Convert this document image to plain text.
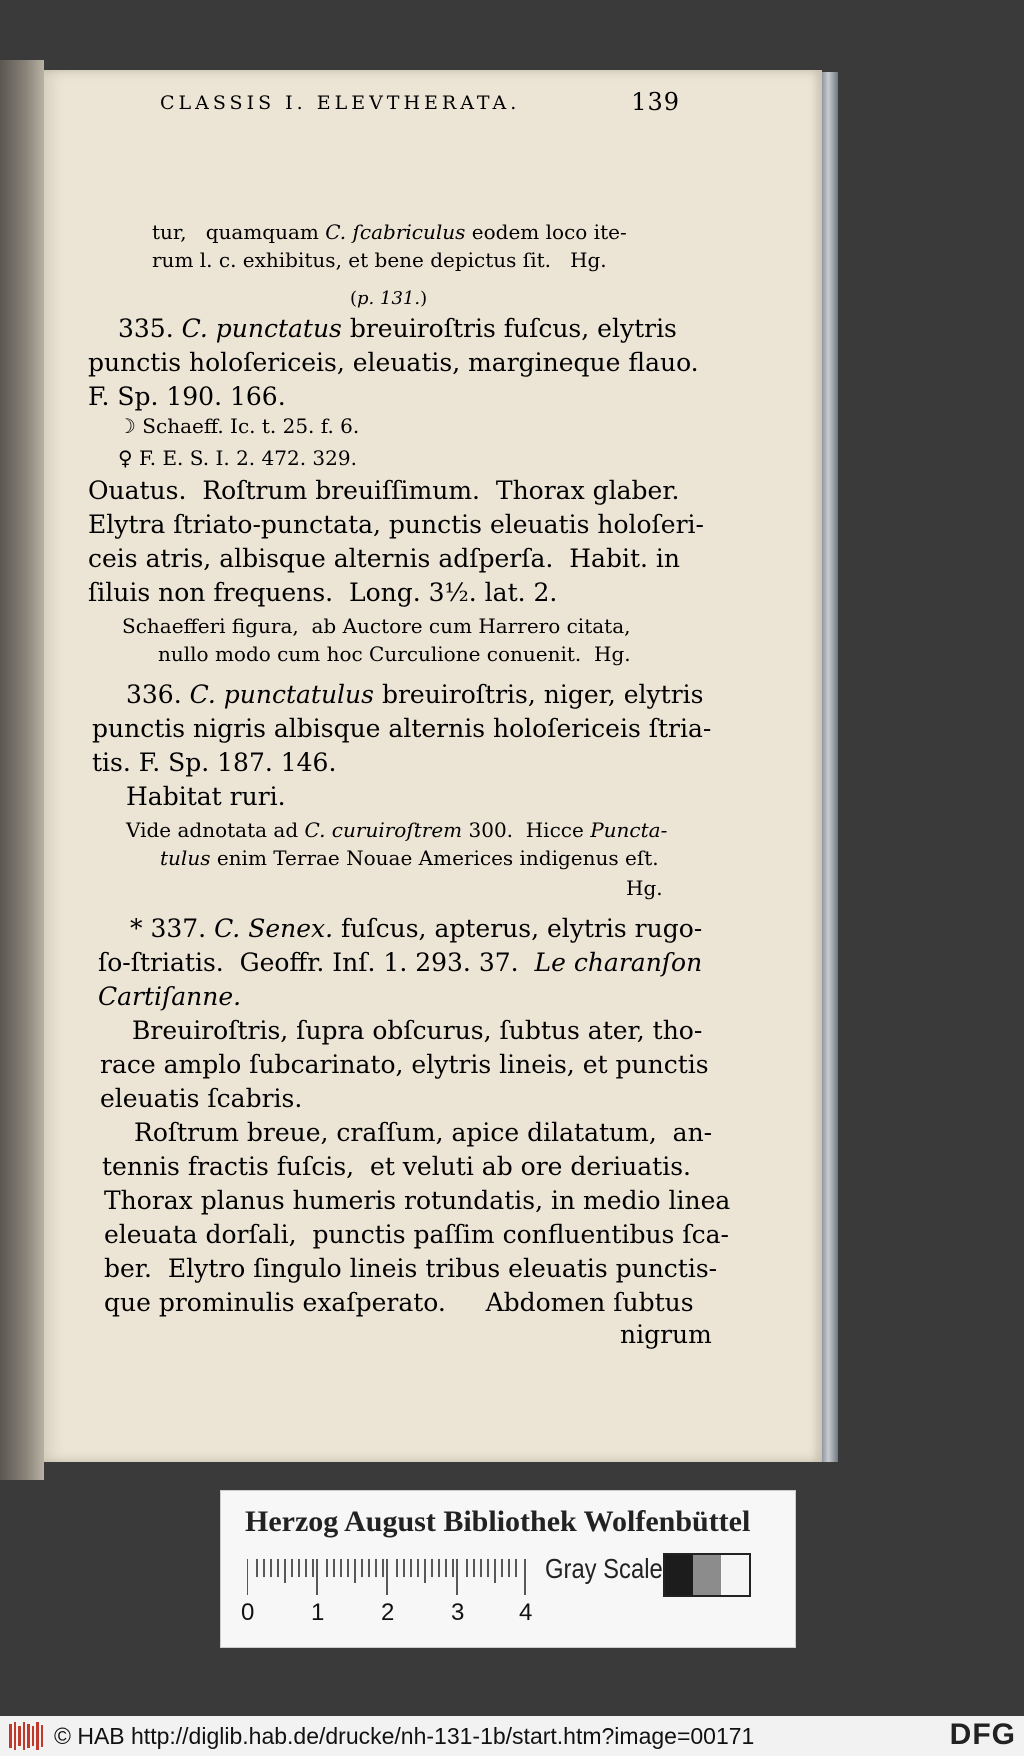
CLASSIS I. ELEVTHERATA.	139
tur,   quamquam C. ſcabriculus eodem loco ite-
rum l. c. exhibitus, et bene depictus ſit.   Hg.
(p. 131.)
335. C. punctatus breuiroſtris fuſcus, elytris
punctis holoſericeis, eleuatis, margineque flauo.
F. Sp. 190. 166.
☽ Schaeff. Ic. t. 25. f. 6.
♀ F. E. S. I. 2. 472. 329.
Ouatus.  Roſtrum breuiſſimum.  Thorax glaber.
Elytra ſtriato-punctata, punctis eleuatis holoſeri-
ceis atris, albisque alternis adſperſa.  Habit. in
ſiluis non frequens.  Long. 3½. lat. 2.
Schaefferi figura,  ab Auctore cum Harrero citata,
nullo modo cum hoc Curculione conuenit.  Hg.
336. C. punctatulus breuiroſtris, niger, elytris
punctis nigris albisque alternis holoſericeis ſtria-
tis. F. Sp. 187. 146.
Habitat ruri.
Vide adnotata ad C. curuiroſtrem 300.  Hicce Puncta-
tulus enim Terrae Nouae Americes indigenus eſt.
Hg.
* 337. C. Senex. fuſcus, apterus, elytris rugo-
ſo-ſtriatis.  Geoffr. Inſ. 1. 293. 37.  Le charanſon
Cartiſanne.
Breuiroſtris, ſupra obſcurus, ſubtus ater, tho-
race amplo ſubcarinato, elytris lineis, et punctis
eleuatis ſcabris.
Roſtrum breue, craſſum, apice dilatatum,  an-
tennis fractis fuſcis,  et veluti ab ore deriuatis.
Thorax planus humeris rotundatis, in medio linea
eleuata dorſali,  punctis paſſim confluentibus ſca-
ber.  Elytro ſingulo lineis tribus eleuatis punctis-
que prominulis exaſperato.     Abdomen ſubtus
nigrum
Herzog August Bibliothek Wolfenbüttel
0 1 2 3 4
Gray Scale
© HAB http://diglib.hab.de/drucke/nh-131-1b/start.htm?image=00171	DFG
